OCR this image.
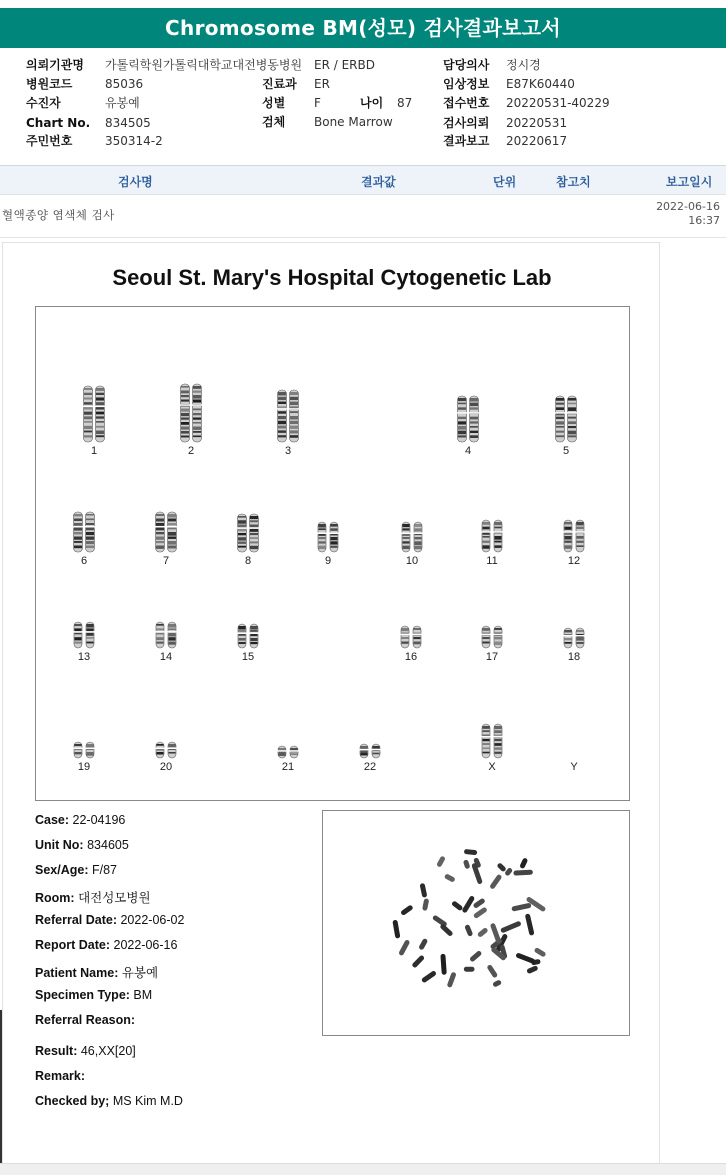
Chromosome BM(성모) 검사결과보고서
의뢰기관명 가톨릭학원가톨릭대학교대전병동병원
병원코드	85036
수진자	유봉예
Chart No. 834505
주민번호	350314-2
ER / ERBD
진료과 ER
성별 F	나이 87
검체 Bone Marrow
담당의사 정시경
임상정보 E87K60440
접수번호 20220531-40229
검사의뢰 20220531
결과보고 20220617
검사명	결과값	단위	참고치	보고일시
혈액종양 염색체 검사
2022-06-16
16:37
Seoul St. Mary's Hospital Cytogenetic Lab
1	2	3	4	5
6	7	8	9	10	11	12
13	14	15	16	17	18
19	20	21	22	X	Y
Case: 22-04196
Unit No: 834605
Sex/Age: F/87
Room: 대전성모병원
Referral Date: 2022-06-02
Report Date: 2022-06-16
Patient Name: 유봉예
Specimen Type: BM
Referral Reason:
Result: 46,XX[20]
Remark:
Checked by; MS Kim M.D
